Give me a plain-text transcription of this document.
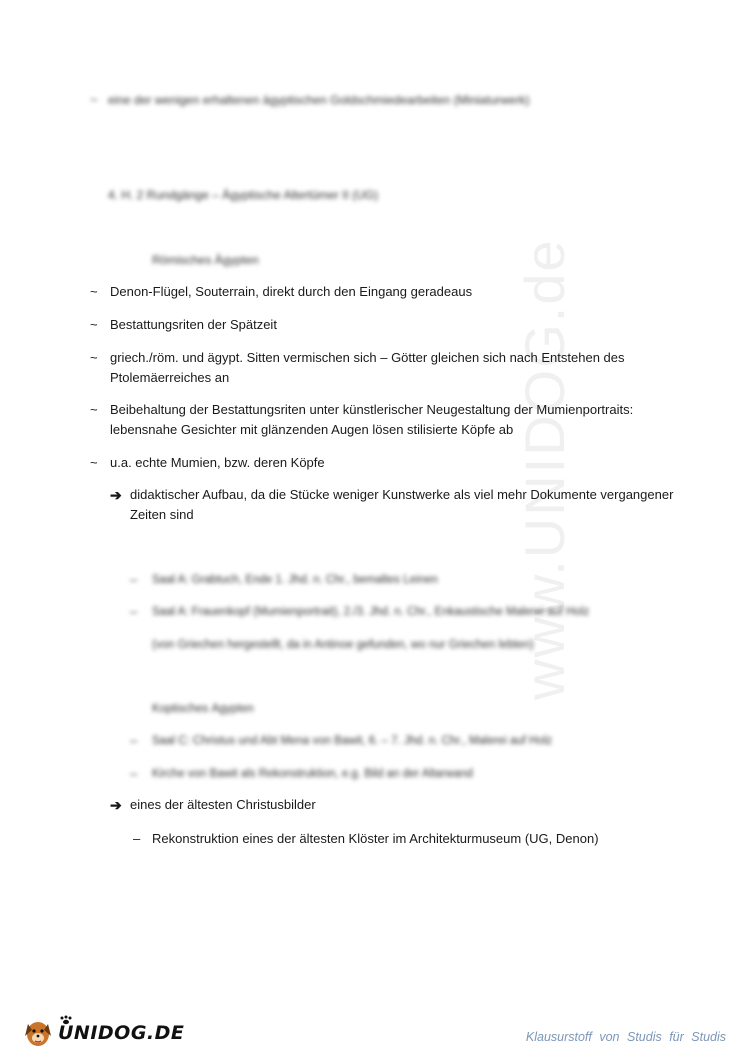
www.UNIDOG.de
~ eine der wenigen erhaltenen ägyptischen Goldschmiedearbeiten (Miniaturwerk)
4. H. 2 Rundgänge – Ägyptische Altertümer II (UG)
Römisches Ägypten
~ Denon-Flügel, Souterrain, direkt durch den Eingang geradeaus
~ Bestattungsriten der Spätzeit
~ griech./röm. und ägypt. Sitten vermischen sich – Götter gleichen sich nach Entstehen des
Ptolemäerreiches an
~ Beibehaltung der Bestattungsriten unter künstlerischer Neugestaltung der Mumienportraits:
lebensnahe Gesichter mit glänzenden Augen lösen stilisierte Köpfe ab
~ u.a. echte Mumien, bzw. deren Köpfe
➔ didaktischer Aufbau, da die Stücke weniger Kunstwerke als viel mehr Dokumente vergangener
Zeiten sind
– Saal A: Grabtuch, Ende 1. Jhd. n. Chr., bemaltes Leinen
– Saal A: Frauenkopf (Mumienportrait), 2./3. Jhd. n. Chr., Enkaustische Malerei auf Holz
(von Griechen hergestellt, da in Antinoe gefunden, wo nur Griechen lebten)
Koptisches Ägypten
– Saal C: Christus und Abt Mena von Bawit, 6. – 7. Jhd. n. Chr., Malerei auf Holz
– Kirche von Bawit als Rekonstruktion, e.g. Bild an der Altarwand
➔ eines der ältesten Christusbilder
– Rekonstruktion eines der ältesten Klöster im Architekturmuseum (UG, Denon)
UNIDOG.DE	Klausurstoff von Studis für Studis
